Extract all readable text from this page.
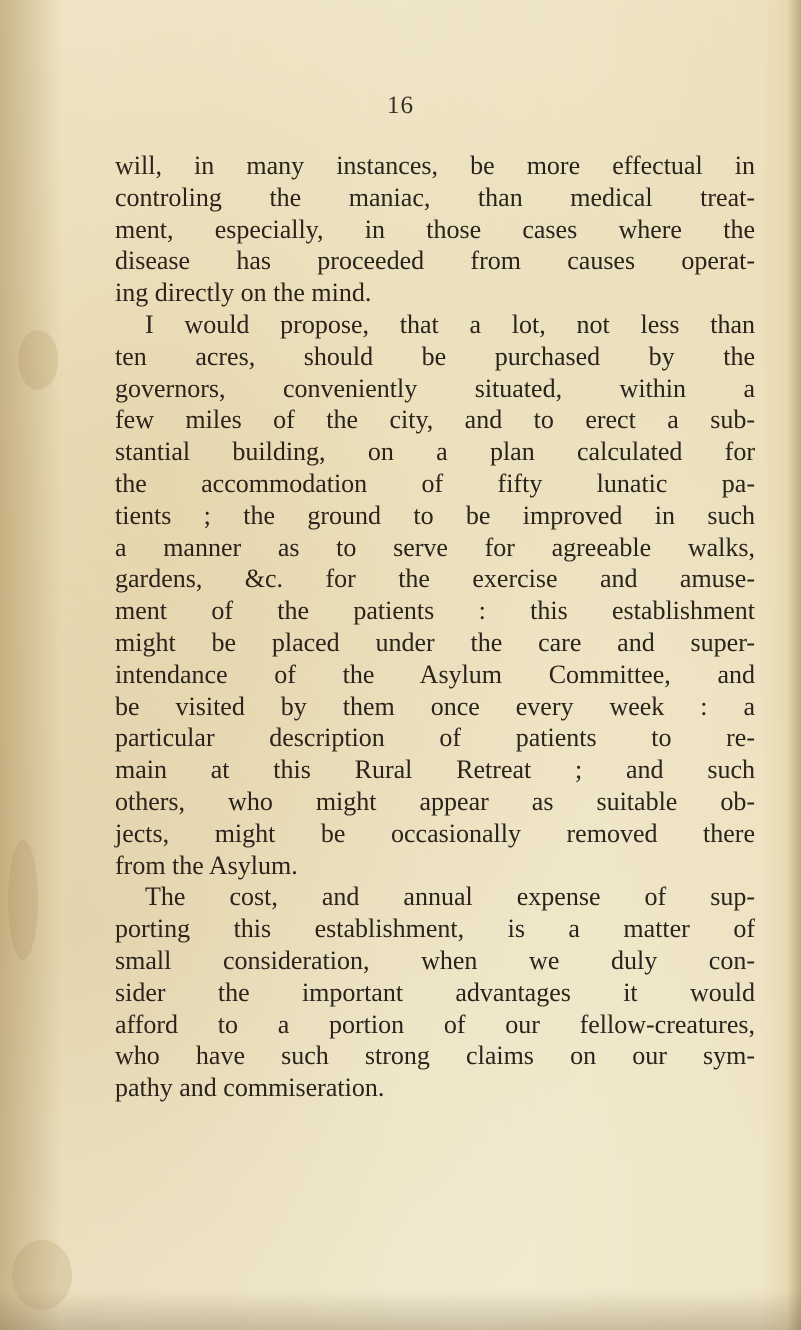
16
will, in many instances, be more effectual in
controling the maniac, than medical treat-
ment, especially, in those cases where the
disease has proceeded from causes operat-
ing directly on the mind.
I would propose, that a lot, not less than
ten acres, should be purchased by the
governors, conveniently situated, within a
few miles of the city, and to erect a sub-
stantial building, on a plan calculated for
the accommodation of fifty lunatic pa-
tients ; the ground to be improved in such
a manner as to serve for agreeable walks,
gardens, &c. for the exercise and amuse-
ment of the patients : this establishment
might be placed under the care and super-
intendance of the Asylum Committee, and
be visited by them once every week : a
particular description of patients to re-
main at this Rural Retreat ; and such
others, who might appear as suitable ob-
jects, might be occasionally removed there
from the Asylum.
The cost, and annual expense of sup-
porting this establishment, is a matter of
small consideration, when we duly con-
sider the important advantages it would
afford to a portion of our fellow-creatures,
who have such strong claims on our sym-
pathy and commiseration.
